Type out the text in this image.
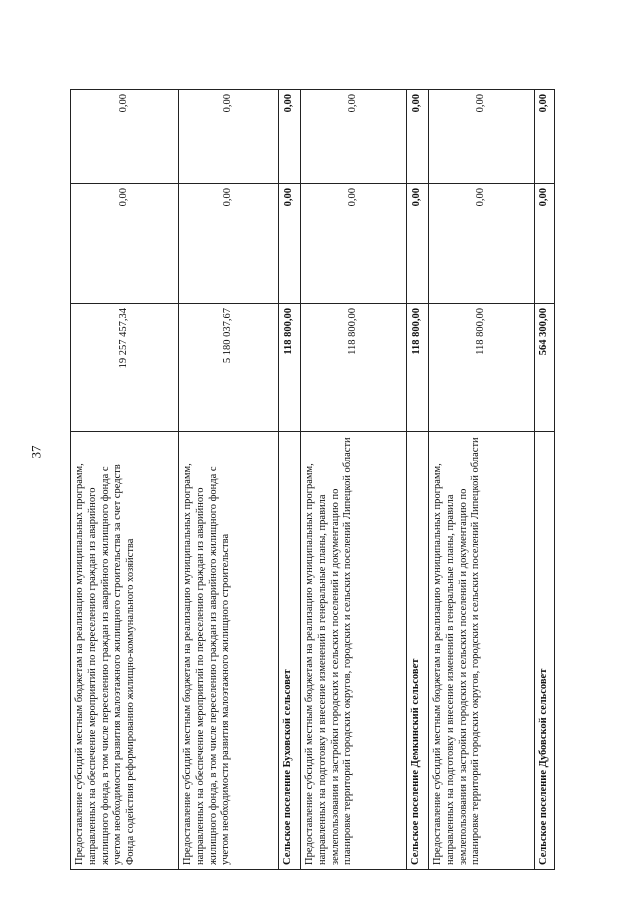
37
Предоставление субсидий местным бюджетам на реализацию муниципальных программ, направленных на обеспечение мероприятий по переселению граждан из аварийного жилищного фонда, в том числе переселению граждан из аварийного жилищного фонда с учетом необходимости развития малоэтажного жилищного строительства за счет средств Фонда содействия реформированию жилищно-коммунального хозяйства	19 257 457,34	0,00	0,00
Предоставление субсидий местным бюджетам на реализацию муниципальных программ, направленных на обеспечение мероприятий по переселению граждан из аварийного жилищного фонда, в том числе переселению граждан из аварийного жилищного фонда с учетом необходимости развития малоэтажного жилищного строительства	5 180 037,67	0,00	0,00
Сельское поселение Буховской сельсовет	118 800,00	0,00	0,00
Предоставление субсидий местным бюджетам на реализацию муниципальных программ, направленных на подготовку и внесение изменений в генеральные планы, правила землепользования и застройки городских и сельских поселений и документацию по планировке территорий городских округов, городских и сельских поселений Липецкой области	118 800,00	0,00	0,00
Сельское поселение Демкинский сельсовет	118 800,00	0,00	0,00
Предоставление субсидий местным бюджетам на реализацию муниципальных программ, направленных на подготовку и внесение изменений в генеральные планы, правила землепользования и застройки городских и сельских поселений и документацию по планировке территорий городских округов, городских и сельских поселений Липецкой области	118 800,00	0,00	0,00
Сельское поселение Дубовской сельсовет	564 300,00	0,00	0,00
